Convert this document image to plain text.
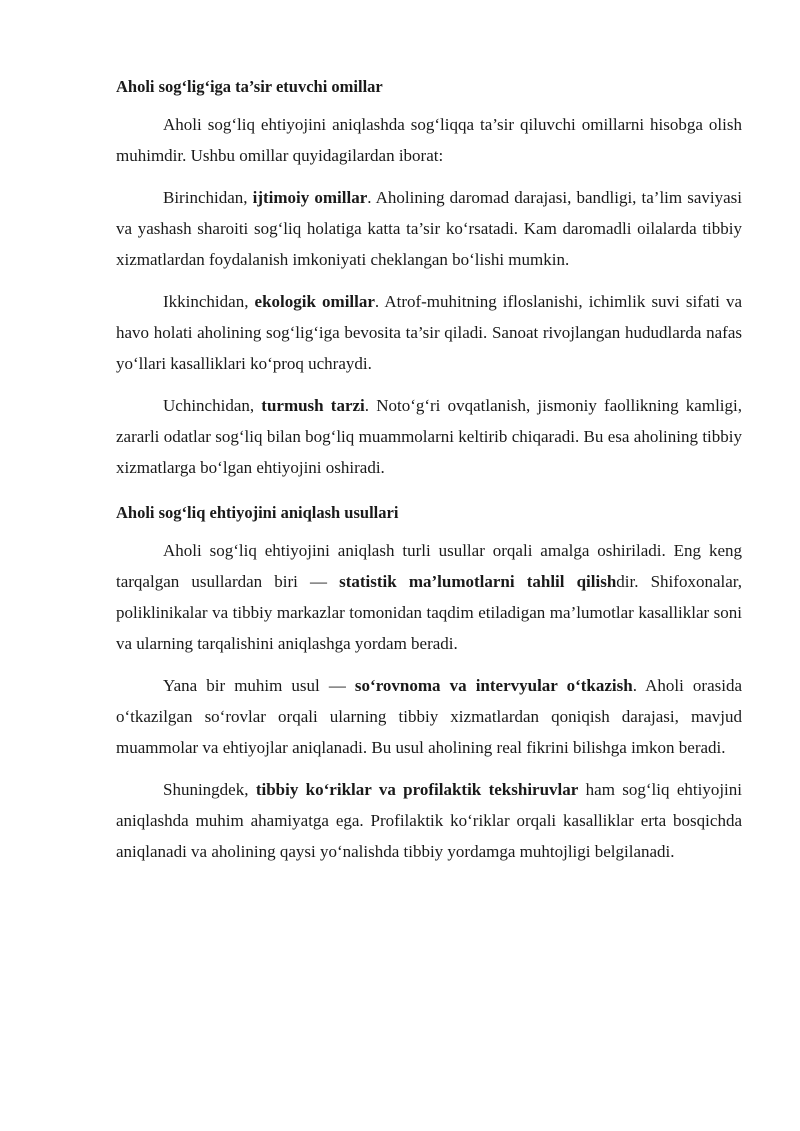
Aholi sog‘lig‘iga ta’sir etuvchi omillar

Aholi sog‘liq ehtiyojini aniqlashda sog‘liqqa ta’sir qiluvchi omillarni hisobga olish muhimdir. Ushbu omillar quyidagilardan iborat:

Birinchidan, ijtimoiy omillar. Aholining daromad darajasi, bandligi, ta’lim saviyasi va yashash sharoiti sog‘liq holatiga katta ta’sir ko‘rsatadi. Kam daromadli oilalarda tibbiy xizmatlardan foydalanish imkoniyati cheklangan bo‘lishi mumkin.

Ikkinchidan, ekologik omillar. Atrof-muhitning ifloslanishi, ichimlik suvi sifati va havo holati aholining sog‘lig‘iga bevosita ta’sir qiladi. Sanoat rivojlangan hududlarda nafas yo‘llari kasalliklari ko‘proq uchraydi.

Uchinchidan, turmush tarzi. Noto‘g‘ri ovqatlanish, jismoniy faollikning kamligi, zararli odatlar sog‘liq bilan bog‘liq muammolarni keltirib chiqaradi. Bu esa aholining tibbiy xizmatlarga bo‘lgan ehtiyojini oshiradi.

Aholi sog‘liq ehtiyojini aniqlash usullari

Aholi sog‘liq ehtiyojini aniqlash turli usullar orqali amalga oshiriladi. Eng keng tarqalgan usullardan biri — statistik ma’lumotlarni tahlil qilishdir. Shifoxonalar, poliklinikalar va tibbiy markazlar tomonidan taqdim etiladigan ma’lumotlar kasalliklar soni va ularning tarqalishini aniqlashga yordam beradi.

Yana bir muhim usul — so‘rovnoma va intervyular o‘tkazish. Aholi orasida o‘tkazilgan so‘rovlar orqali ularning tibbiy xizmatlardan qoniqish darajasi, mavjud muammolar va ehtiyojlar aniqlanadi. Bu usul aholining real fikrini bilishga imkon beradi.

Shuningdek, tibbiy ko‘riklar va profilaktik tekshiruvlar ham sog‘liq ehtiyojini aniqlashda muhim ahamiyatga ega. Profilaktik ko‘riklar orqali kasalliklar erta bosqichda aniqlanadi va aholining qaysi yo‘nalishda tibbiy yordamga muhtojligi belgilanadi.
